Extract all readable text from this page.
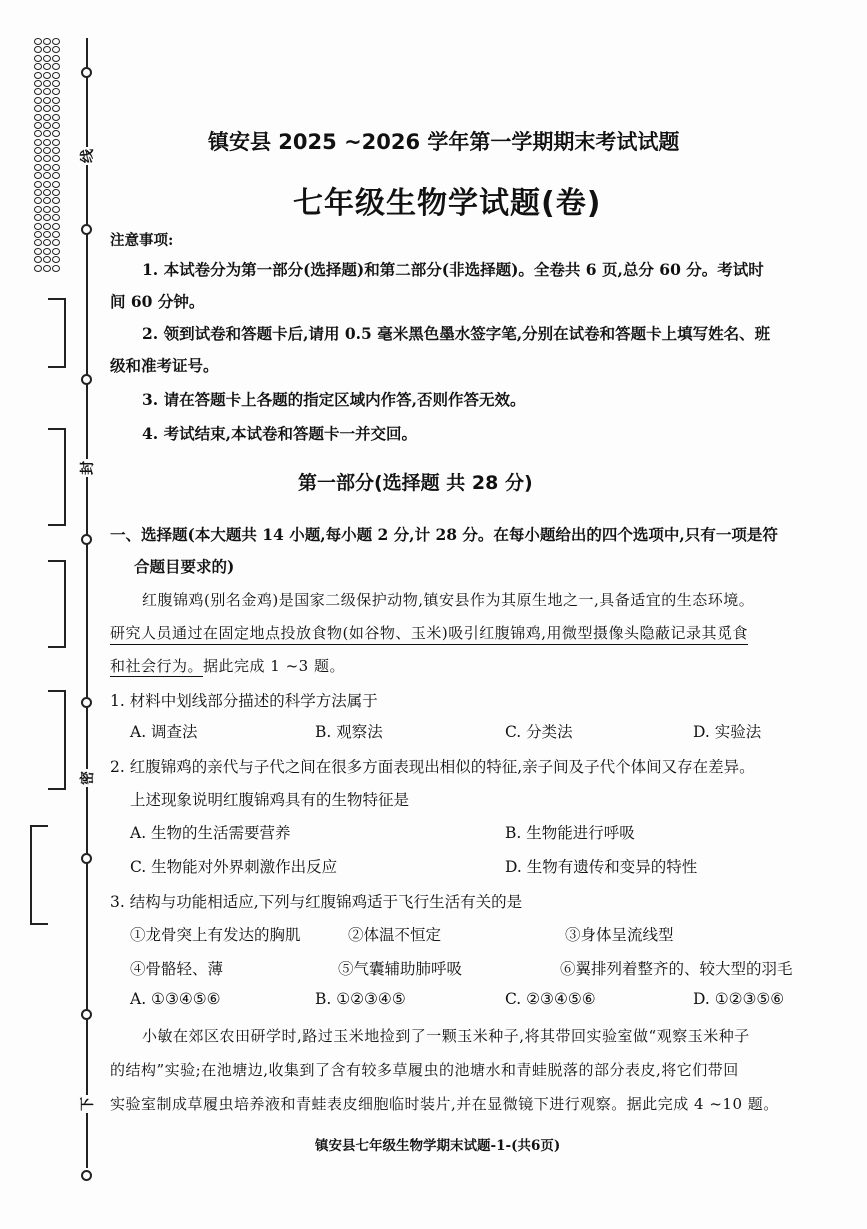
线
封
密
下
镇安县 2025 ~2026 学年第一学期期末考试试题
七年级生物学试题(卷)
注意事项:
1. 本试卷分为第一部分(选择题)和第二部分(非选择题)。全卷共 6 页,总分 60 分。考试时
间 60 分钟。
2. 领到试卷和答题卡后,请用 0.5 毫米黑色墨水签字笔,分别在试卷和答题卡上填写姓名、班
级和准考证号。
3. 请在答题卡上各题的指定区域内作答,否则作答无效。
4. 考试结束,本试卷和答题卡一并交回。
第一部分(选择题 共 28 分)
一、选择题(本大题共 14 小题,每小题 2 分,计 28 分。在每小题给出的四个选项中,只有一项是符
合题目要求的)
红腹锦鸡(别名金鸡)是国家二级保护动物,镇安县作为其原生地之一,具备适宜的生态环境。
研究人员通过在固定地点投放食物(如谷物、玉米)吸引红腹锦鸡,用微型摄像头隐蔽记录其觅食
和社会行为。据此完成 1 ~3 题。
1. 材料中划线部分描述的科学方法属于
A. 调查法	B. 观察法	C. 分类法	D. 实验法
2. 红腹锦鸡的亲代与子代之间在很多方面表现出相似的特征,亲子间及子代个体间又存在差异。
上述现象说明红腹锦鸡具有的生物特征是
A. 生物的生活需要营养	B. 生物能进行呼吸
C. 生物能对外界刺激作出反应	D. 生物有遗传和变异的特性
3. 结构与功能相适应,下列与红腹锦鸡适于飞行生活有关的是
①龙骨突上有发达的胸肌	②体温不恒定	③身体呈流线型
④骨骼轻、薄	⑤气囊辅助肺呼吸	⑥翼排列着整齐的、较大型的羽毛
A. ①③④⑤⑥	B. ①②③④⑤	C. ②③④⑤⑥	D. ①②③⑤⑥
小敏在郊区农田研学时,路过玉米地捡到了一颗玉米种子,将其带回实验室做“观察玉米种子
的结构”实验;在池塘边,收集到了含有较多草履虫的池塘水和青蛙脱落的部分表皮,将它们带回
实验室制成草履虫培养液和青蛙表皮细胞临时装片,并在显微镜下进行观察。据此完成 4 ~10 题。
镇安县七年级生物学期末试题-1-(共6页)
